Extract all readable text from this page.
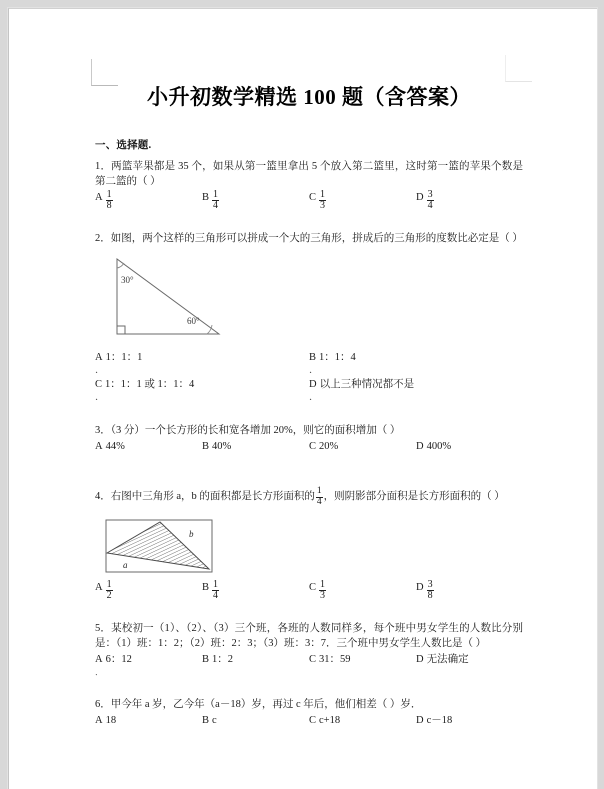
小升初数学精选 100 题（含答案）
一、选择题.
1．两篮苹果都是 35 个，如果从第一篮里拿出 5 个放入第二篮里，这时第一篮的苹果个数是第二篮的（ ）
A $\frac{1}{8}$	B $\frac{1}{4}$	C $\frac{1}{3}$	D $\frac{3}{4}$
2．如图，两个这样的三角形可以拼成一个大的三角形，拼成后的三角形的度数比必定是（ ）
30°
60°
A 1：1：1	B 1：1：4
．	．
C 1：1：1 或 1：1：4	D 以上三种情况都不是
．	．
3．（3 分）一个长方形的长和宽各增加 20%，则它的面积增加（ ）
A 44%	B 40%	C 20%	D 400%
4．右图中三角形 a，b 的面积都是长方形面积的 $\frac{1}{4}$ ，则阴影部分面积是长方形面积的（ ）
a
b
A $\frac{1}{2}$	B $\frac{1}{4}$	C $\frac{1}{3}$	D $\frac{3}{8}$
5．某校初一（1）、（2）、（3）三个班，各班的人数同样多，每个班中男女学生的人数比分别是：（1）班：1：2；（2）班：2：3；（3）班：3：7．三个班中男女学生人数比是（ ）
A 6：12	B 1：2	C 31：59	D 无法确定
．
6．甲今年 a 岁，乙今年（a－18）岁，再过 c 年后，他们相差（ ）岁．
A 18	B c	C c+18	D c－18
